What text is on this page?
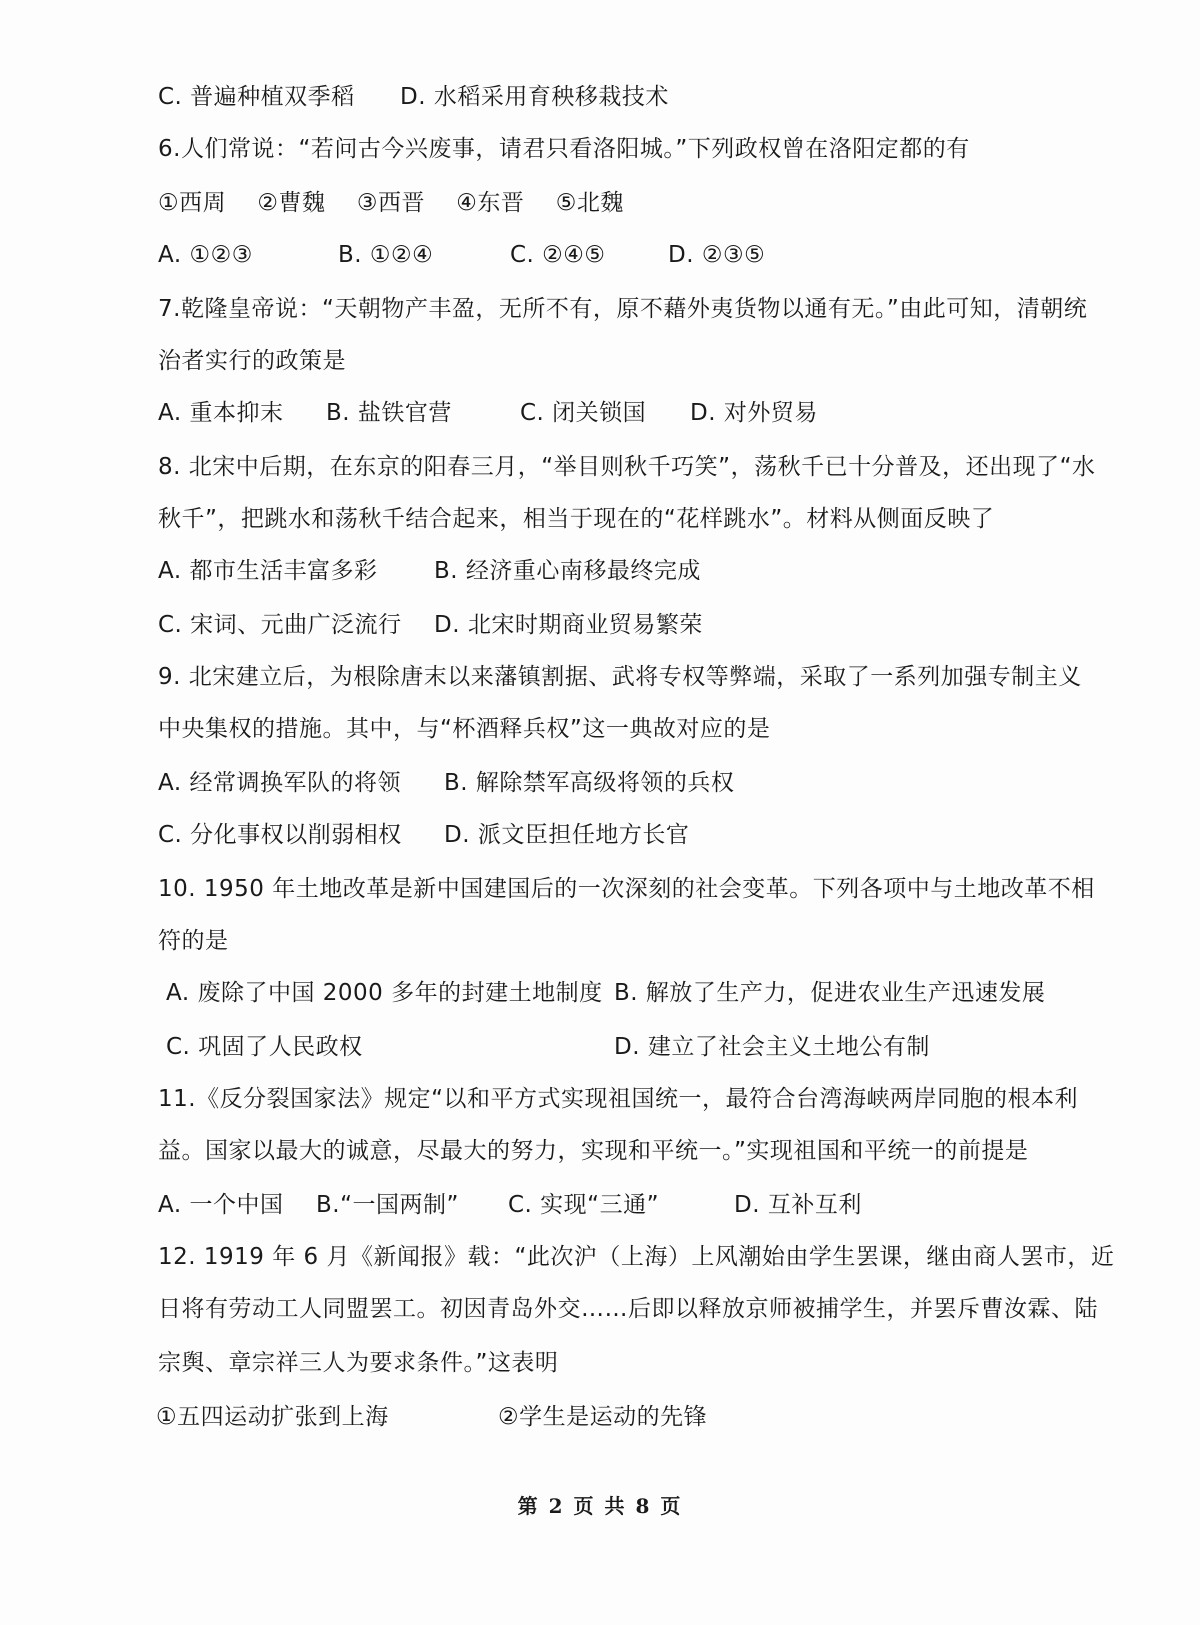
C. 普遍种植双季稻 D. 水稻采用育秧移栽技术
6.人们常说：“若问古今兴废事，请君只看洛阳城。”下列政权曾在洛阳定都的有
①西周　 ②曹魏　 ③西晋　 ④东晋　 ⑤北魏
A. ①②③	B. ①②④	C. ②④⑤	D. ②③⑤
7.乾隆皇帝说：“天朝物产丰盈，无所不有，原不藉外夷货物以通有无。”由此可知，清朝统
治者实行的政策是
A. 重本抑末 B. 盐铁官营	C. 闭关锁国 D. 对外贸易
8. 北宋中后期，在东京的阳春三月，“举目则秋千巧笑”，荡秋千已十分普及，还出现了“水
秋千”，把跳水和荡秋千结合起来，相当于现在的“花样跳水”。材料从侧面反映了
A. 都市生活丰富多彩 B. 经济重心南移最终完成
C. 宋词、元曲广泛流行 D. 北宋时期商业贸易繁荣
9. 北宋建立后，为根除唐末以来藩镇割据、武将专权等弊端，采取了一系列加强专制主义
中央集权的措施。其中，与“杯酒释兵权”这一典故对应的是
A. 经常调换军队的将领 B. 解除禁军高级将领的兵权
C. 分化事权以削弱相权 D. 派文臣担任地方长官
10. 1950 年土地改革是新中国建国后的一次深刻的社会变革。下列各项中与土地改革不相
符的是
A. 废除了中国 2000 多年的封建土地制度 B. 解放了生产力，促进农业生产迅速发展
C. 巩固了人民政权	D. 建立了社会主义土地公有制
11.《反分裂国家法》规定“以和平方式实现祖国统一，最符合台湾海峡两岸同胞的根本利
益。国家以最大的诚意，尽最大的努力，实现和平统一。”实现祖国和平统一的前提是
A. 一个中国 B.“一国两制” C. 实现“三通”	D. 互补互利
12. 1919 年 6 月《新闻报》载：“此次沪（上海）上风潮始由学生罢课，继由商人罢市，近
日将有劳动工人同盟罢工。初因青岛外交……后即以释放京师被捕学生，并罢斥曹汝霖、陆
宗舆、章宗祥三人为要求条件。”这表明
①五四运动扩张到上海	②学生是运动的先锋
第 2 页 共 8 页
